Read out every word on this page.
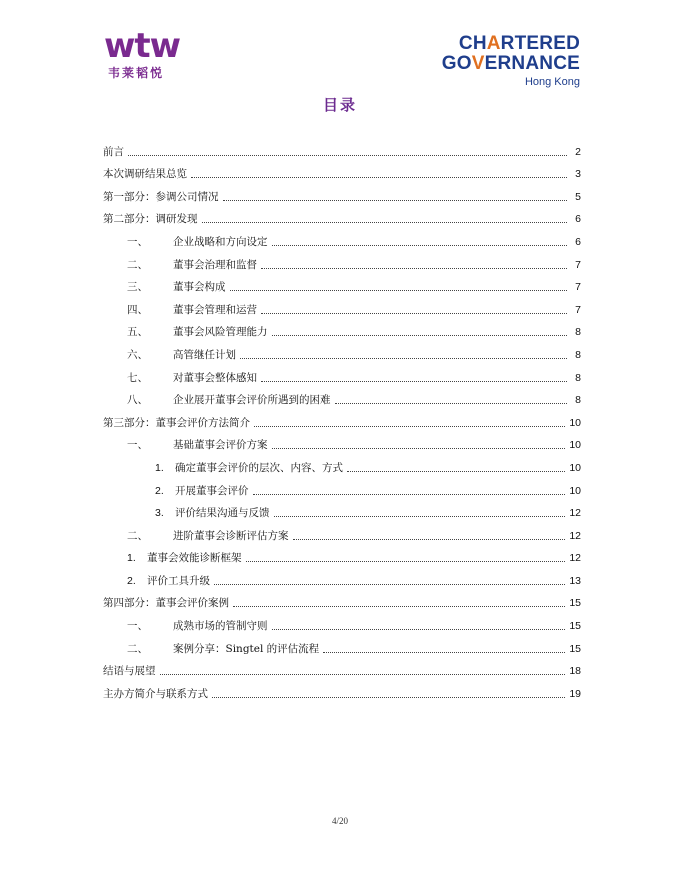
wtw
韦莱韬悦
CHARTERED
GOVERNANCE
Hong Kong
目录
前言	2
本次调研结果总览	3
第一部分：参调公司情况	5
第二部分：调研发现	6
一、	企业战略和方向设定	6
二、	董事会治理和监督	7
三、	董事会构成	7
四、	董事会管理和运营	7
五、	董事会风险管理能力	8
六、	高管继任计划	8
七、	对董事会整体感知	8
八、	企业展开董事会评价所遇到的困难	8
第三部分：董事会评价方法简介	10
一、	基础董事会评价方案	10
1.	确定董事会评价的层次、内容、方式	10
2.	开展董事会评价	10
3.	评价结果沟通与反馈	12
二、	进阶董事会诊断评估方案	12
1.	董事会效能诊断框架	12
2.	评价工具升级	13
第四部分：董事会评价案例	15
一、	成熟市场的管制守则	15
二、	案例分享：Singtel 的评估流程	15
结语与展望	18
主办方简介与联系方式	19
4/20
